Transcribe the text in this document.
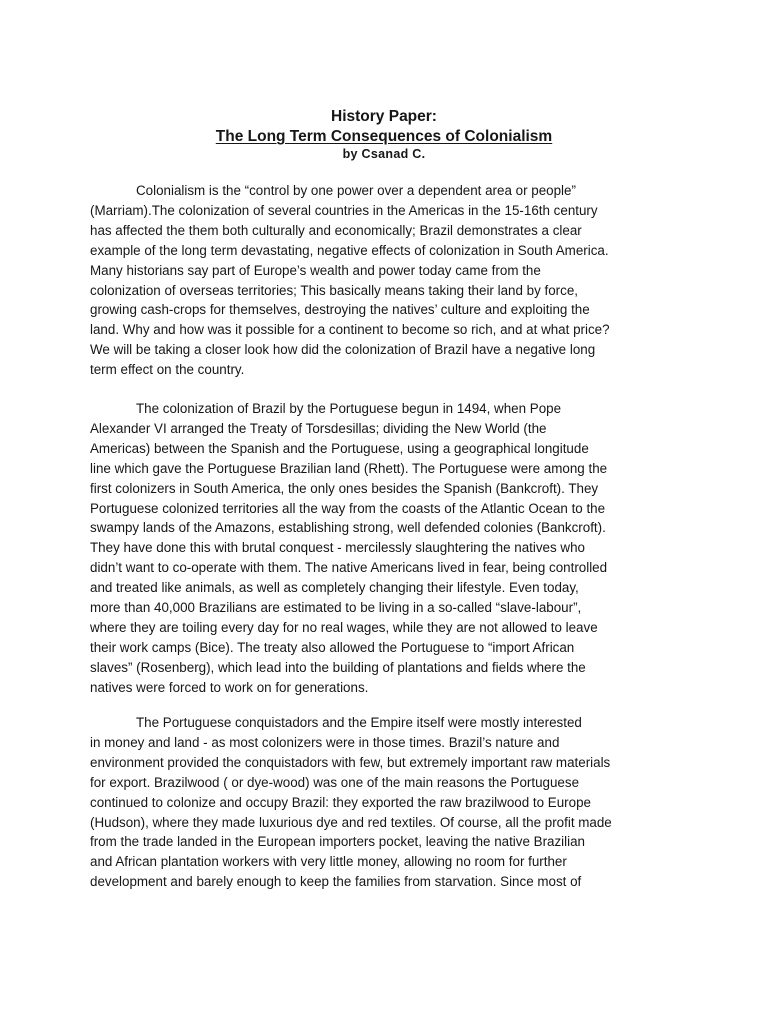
History Paper:
The Long Term Consequences of Colonialism
by Csanad C.

Colonialism is the “control by one power over a dependent area or people”
(Marriam).The colonization of several countries in the Americas in the 15-16th century
has affected the them both culturally and economically; Brazil demonstrates a clear
example of the long term devastating, negative effects of colonization in South America.
Many historians say part of Europe’s wealth and power today came from the
colonization of overseas territories; This basically means taking their land by force,
growing cash-crops for themselves, destroying the natives’ culture and exploiting the
land. Why and how was it possible for a continent to become so rich, and at what price?
We will be taking a closer look how did the colonization of Brazil have a negative long
term effect on the country.

The colonization of Brazil by the Portuguese begun in 1494, when Pope
Alexander VI arranged the Treaty of Torsdesillas; dividing the New World (the
Americas) between the Spanish and the Portuguese, using a geographical longitude
line which gave the Portuguese Brazilian land (Rhett). The Portuguese were among the
first colonizers in South America, the only ones besides the Spanish (Bankcroft). They
Portuguese colonized territories all the way from the coasts of the Atlantic Ocean to the
swampy lands of the Amazons, establishing strong, well defended colonies (Bankcroft).
They have done this with brutal conquest - mercilessly slaughtering the natives who
didn’t want to co-operate with them. The native Americans lived in fear, being controlled
and treated like animals, as well as completely changing their lifestyle. Even today,
more than 40,000 Brazilians are estimated to be living in a so-called “slave-labour”,
where they are toiling every day for no real wages, while they are not allowed to leave
their work camps (Bice). The treaty also allowed the Portuguese to “import African
slaves” (Rosenberg), which lead into the building of plantations and fields where the
natives were forced to work on for generations.

The Portuguese conquistadors and the Empire itself were mostly interested
in money and land - as most colonizers were in those times. Brazil’s nature and
environment provided the conquistadors with few, but extremely important raw materials
for export. Brazilwood ( or dye-wood) was one of the main reasons the Portuguese
continued to colonize and occupy Brazil: they exported the raw brazilwood to Europe
(Hudson), where they made luxurious dye and red textiles. Of course, all the profit made
from the trade landed in the European importers pocket, leaving the native Brazilian
and African plantation workers with very little money, allowing no room for further
development and barely enough to keep the families from starvation. Since most of
